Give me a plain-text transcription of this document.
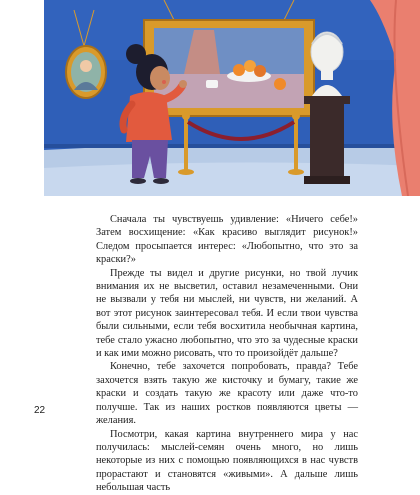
Сначала ты чувствуешь удивление: «Ничего себе!» Затем восхищение: «Как красиво выглядит рисунок!» Следом просыпается интерес: «Любопытно, что это за краски?»

Прежде ты видел и другие рисунки, но твой лучик внимания их не высветил, оставил незамеченными. Они не вызвали у тебя ни мыслей, ни чувств, ни желаний. А вот этот рисунок заинтересовал тебя. И если твои чувства были сильными, если тебя восхитила необычная картина, тебе стало ужасно любопытно, что это за чудесные краски и как ими можно рисовать, что то произойдёт дальше?

Конечно, тебе захочется попробовать, правда? Тебе захочется взять такую же кисточку и бумагу, такие же краски и создать такую же красоту или даже что-то получше. Так из наших ростков появляются цветы — желания.

Посмотри, какая картина внутреннего мира у нас получилась: мыслей-семян очень много, но лишь некоторые из них с помощью появляющихся в нас чувств прорастают и становятся «живыми». А дальше лишь небольшая часть

22
